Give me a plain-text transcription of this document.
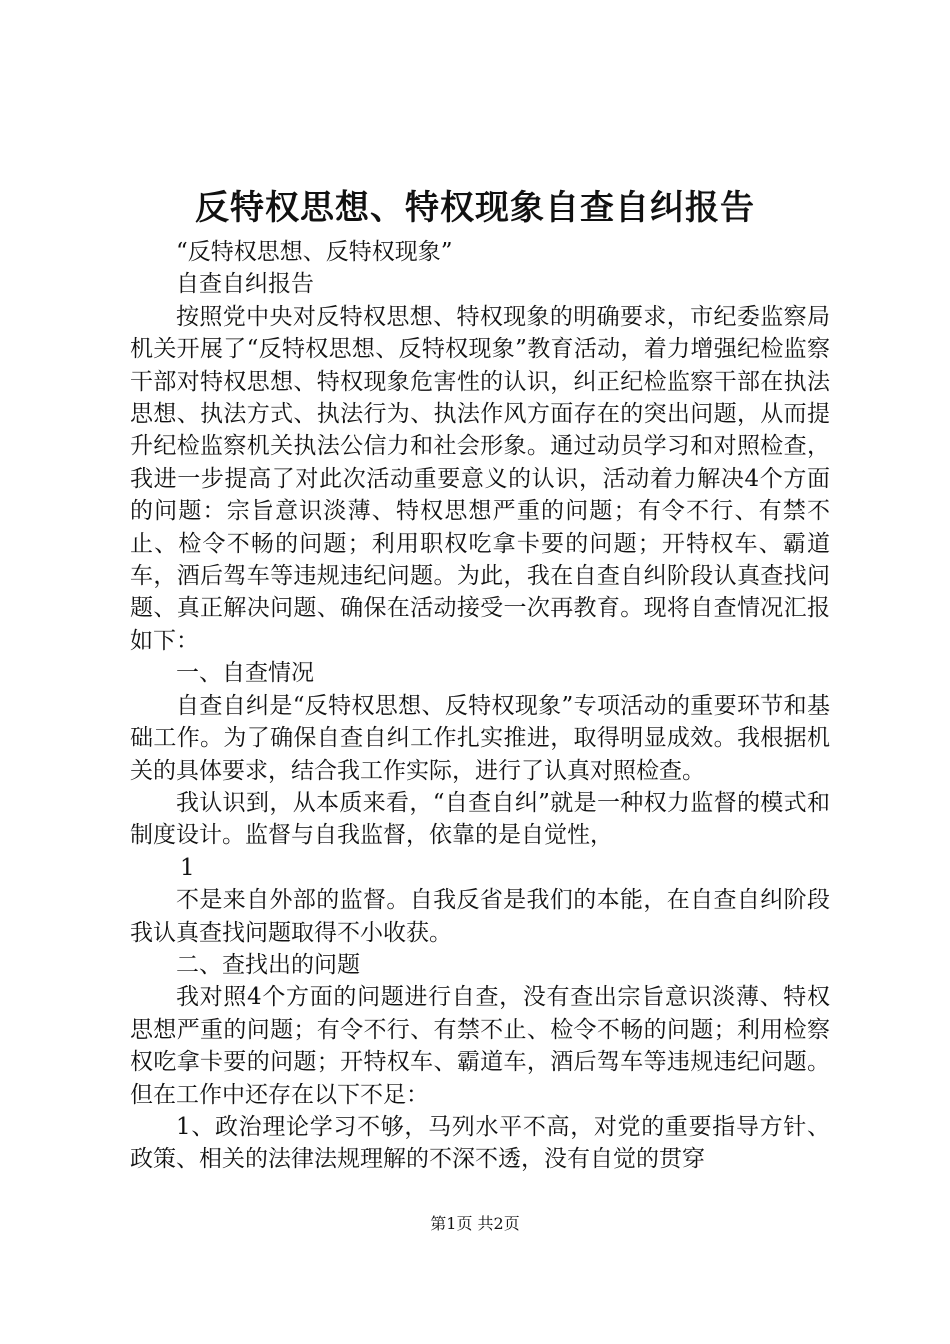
反特权思想、特权现象自查自纠报告

“反特权思想、反特权现象”

自查自纠报告

按照党中央对反特权思想、特权现象的明确要求，市纪委监察局机关开展了“反特权思想、反特权现象”教育活动，着力增强纪检监察干部对特权思想、特权现象危害性的认识，纠正纪检监察干部在执法思想、执法方式、执法行为、执法作风方面存在的突出问题，从而提升纪检监察机关执法公信力和社会形象。通过动员学习和对照检查，我进一步提高了对此次活动重要意义的认识，活动着力解决4个方面的问题：宗旨意识淡薄、特权思想严重的问题；有令不行、有禁不止、检令不畅的问题；利用职权吃拿卡要的问题；开特权车、霸道车，酒后驾车等违规违纪问题。为此，我在自查自纠阶段认真查找问题、真正解决问题、确保在活动接受一次再教育。现将自查情况汇报如下：

一、自查情况

自查自纠是“反特权思想、反特权现象”专项活动的重要环节和基础工作。为了确保自查自纠工作扎实推进，取得明显成效。我根据机关的具体要求，结合我工作实际，进行了认真对照检查。

我认识到，从本质来看，“自查自纠”就是一种权力监督的模式和制度设计。监督与自我监督，依靠的是自觉性，

1

不是来自外部的监督。自我反省是我们的本能，在自查自纠阶段我认真查找问题取得不小收获。

二、查找出的问题

我对照4个方面的问题进行自查，没有查出宗旨意识淡薄、特权思想严重的问题；有令不行、有禁不止、检令不畅的问题；利用检察权吃拿卡要的问题；开特权车、霸道车，酒后驾车等违规违纪问题。但在工作中还存在以下不足：

1、政治理论学习不够，马列水平不高，对党的重要指导方针、政策、相关的法律法规理解的不深不透，没有自觉的贯穿

第1页 共2页
